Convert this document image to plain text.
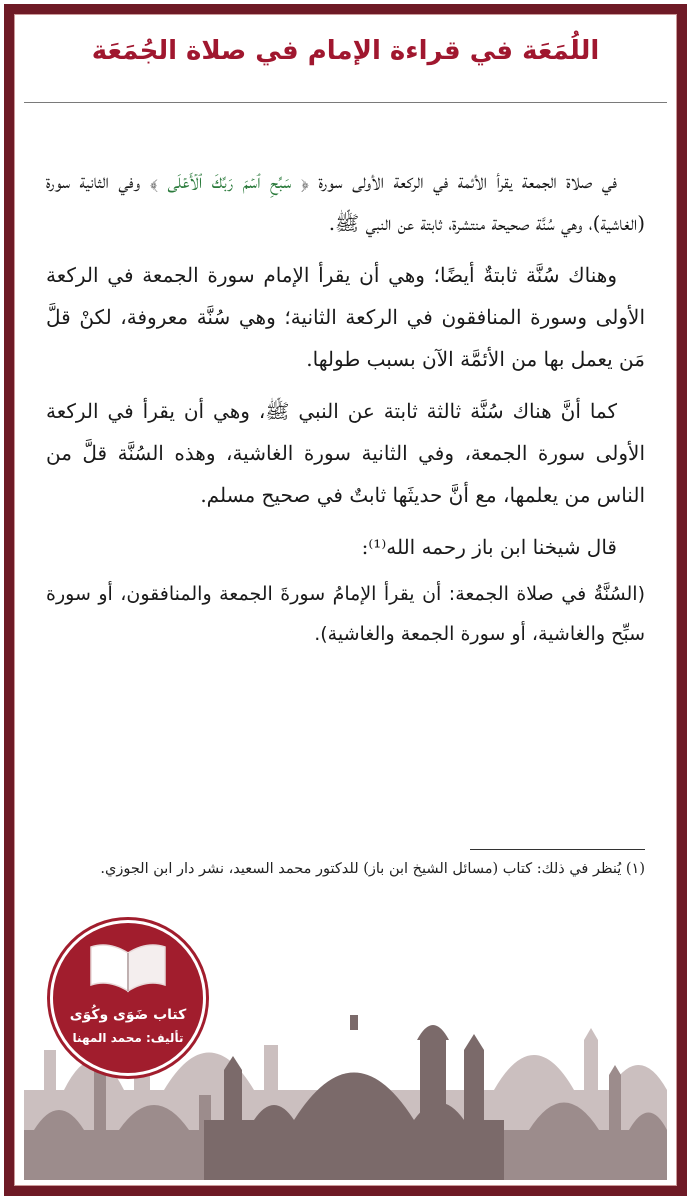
اللُمَعَة في قراءة الإمام في صلاة الجُمَعَة

في صلاة الجمعة يقرأ الأئمة في الركعة الأولى سورة ﴿ سَبِّحِ ٱسۡمَ رَبِّكَ ٱلۡأَعۡلَى ﴾ وفي الثانية سورة (الغاشية)، وهي سُنَّة صحيحة منتشرة، ثابتة عن النبي ﷺ.

وهناك سُنَّة ثابتةٌ أيضًا؛ وهي أن يقرأ الإمام سورة الجمعة في الركعة الأولى وسورة المنافقون في الركعة الثانية؛ وهي سُنَّة معروفة، لكنْ قلَّ مَن يعمل بها من الأئمَّة الآن بسبب طولها.

كما أنَّ هناك سُنَّة ثالثة ثابتة عن النبي ﷺ، وهي أن يقرأ في الركعة الأولى سورة الجمعة، وفي الثانية سورة الغاشية، وهذه السُنَّة قلَّ من الناس من يعلمها، مع أنَّ حديثَها ثابتٌ في صحيح مسلم.

قال شيخنا ابن باز رحمه الله⁽¹⁾:

(السُنَّةُ في صلاة الجمعة: أن يقرأ الإمامُ سورةَ الجمعة والمنافقون، أو سورة سبِّح والغاشية، أو سورة الجمعة والغاشية).

(١) يُنظر في ذلك: كتاب (مسائل الشيخ ابن باز) للدكتور محمد السعيد، نشر دار ابن الجوزي.
كتاب ضَوَى وكُوَى
تأليف: محمد المهنا
